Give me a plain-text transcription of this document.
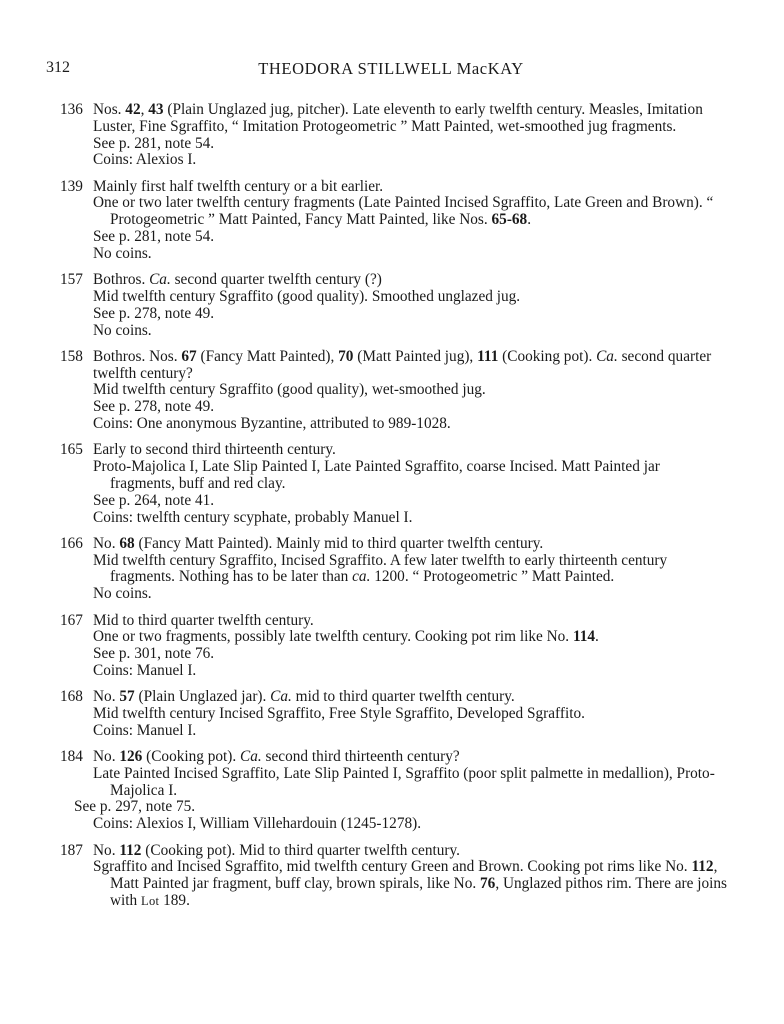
312	THEODORA STILLWELL MacKAY
136 Nos. 42, 43 (Plain Unglazed jug, pitcher). Late eleventh to early twelfth century. Measles, Imitation Luster, Fine Sgraffito, “ Imitation Protogeometric ” Matt Painted, wet-smoothed jug fragments.
See p. 281, note 54.
Coins: Alexios I.
139 Mainly first half twelfth century or a bit earlier.
One or two later twelfth century fragments (Late Painted Incised Sgraffito, Late Green and Brown). “ Protogeometric ” Matt Painted, Fancy Matt Painted, like Nos. 65-68.
See p. 281, note 54.
No coins.
157 Bothros. Ca. second quarter twelfth century (?)
Mid twelfth century Sgraffito (good quality). Smoothed unglazed jug.
See p. 278, note 49.
No coins.
158 Bothros. Nos. 67 (Fancy Matt Painted), 70 (Matt Painted jug), 111 (Cooking pot). Ca. second quarter twelfth century?
Mid twelfth century Sgraffito (good quality), wet-smoothed jug.
See p. 278, note 49.
Coins: One anonymous Byzantine, attributed to 989-1028.
165 Early to second third thirteenth century.
Proto-Majolica I, Late Slip Painted I, Late Painted Sgraffito, coarse Incised. Matt Painted jar fragments, buff and red clay.
See p. 264, note 41.
Coins: twelfth century scyphate, probably Manuel I.
166 No. 68 (Fancy Matt Painted). Mainly mid to third quarter twelfth century.
Mid twelfth century Sgraffito, Incised Sgraffito. A few later twelfth to early thirteenth century fragments. Nothing has to be later than ca. 1200. “ Protogeometric ” Matt Painted.
No coins.
167 Mid to third quarter twelfth century.
One or two fragments, possibly late twelfth century. Cooking pot rim like No. 114.
See p. 301, note 76.
Coins: Manuel I.
168 No. 57 (Plain Unglazed jar). Ca. mid to third quarter twelfth century.
Mid twelfth century Incised Sgraffito, Free Style Sgraffito, Developed Sgraffito.
Coins: Manuel I.
184 No. 126 (Cooking pot). Ca. second third thirteenth century?
Late Painted Incised Sgraffito, Late Slip Painted I, Sgraffito (poor split palmette in medallion), Proto-Majolica I.
See p. 297, note 75.
Coins: Alexios I, William Villehardouin (1245-1278).
187 No. 112 (Cooking pot). Mid to third quarter twelfth century.
Sgraffito and Incised Sgraffito, mid twelfth century Green and Brown. Cooking pot rims like No. 112, Matt Painted jar fragment, buff clay, brown spirals, like No. 76, Unglazed pithos rim. There are joins with Lot 189.
